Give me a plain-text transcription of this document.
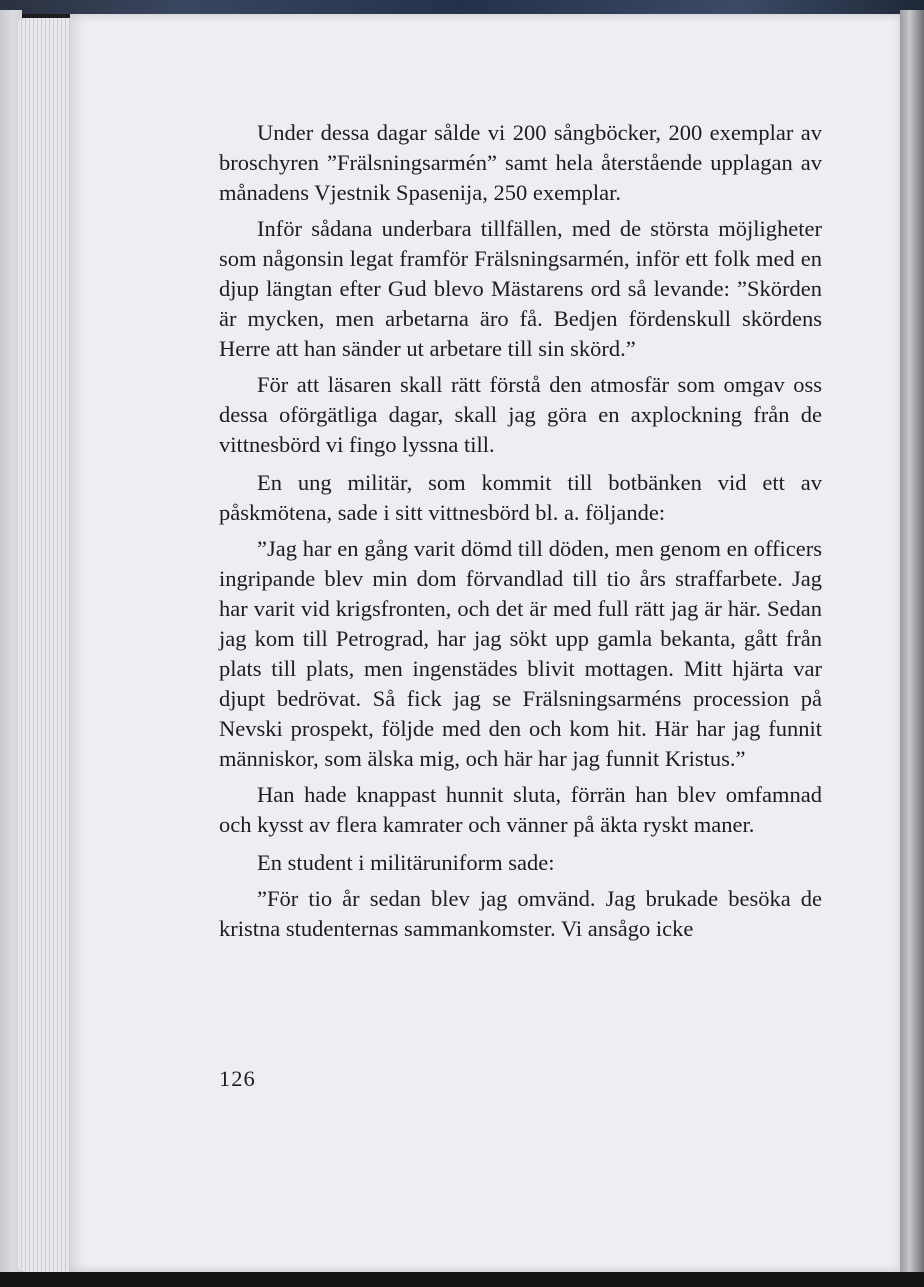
Under dessa dagar sålde vi 200 sångböcker, 200 exemplar av broschyren ”Frälsningsarmén” samt hela återstående upplagan av månadens Vjestnik Spasenija, 250 exemplar.

Inför sådana underbara tillfällen, med de största möjligheter som någonsin legat framför Frälsningsarmén, inför ett folk med en djup längtan efter Gud blevo Mästarens ord så levande: ”Skörden är mycken, men arbetarna äro få. Bedjen fördenskull skördens Herre att han sänder ut arbetare till sin skörd.”

För att läsaren skall rätt förstå den atmosfär som omgav oss dessa oförgätliga dagar, skall jag göra en axplockning från de vittnesbörd vi fingo lyssna till.

En ung militär, som kommit till botbänken vid ett av påskmötena, sade i sitt vittnesbörd bl. a. följande:

”Jag har en gång varit dömd till döden, men genom en officers ingripande blev min dom förvandlad till tio års straffarbete. Jag har varit vid krigsfronten, och det är med full rätt jag är här. Sedan jag kom till Petrograd, har jag sökt upp gamla bekanta, gått från plats till plats, men ingenstädes blivit mottagen. Mitt hjärta var djupt bedrövat. Så fick jag se Frälsningsarméns procession på Nevski prospekt, följde med den och kom hit. Här har jag funnit människor, som älska mig, och här har jag funnit Kristus.”

Han hade knappast hunnit sluta, förrän han blev omfamnad och kysst av flera kamrater och vänner på äkta ryskt maner.

En student i militäruniform sade:

”För tio år sedan blev jag omvänd. Jag brukade besöka de kristna studenternas sammankomster. Vi ansågo icke

126
